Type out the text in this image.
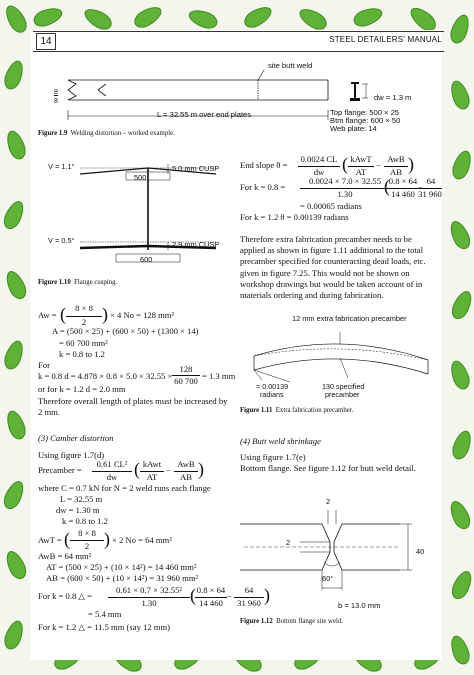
14	STEEL DETAILERS' MANUAL
site butt weld
8
8
L = 32.55 m over end plates
dw = 1.3 m
Top flange: 500 × 25
Btm flange: 600 × 50
Web plate: 14
Figure 1.9 Welding distortion – worked example.
V = 1.1°
500
5.0 mm CUSP
V = 0.5°
600
2.9 mm CUSP
Figure 1.10 Flange cusping.
Aw = (	8 × 8
2 ) × 4 No = 128 mm²
A = (500 × 25) + (600 × 50) + (1300 × 14)
= 60 700 mm²
k = 0.8 to 1.2
For
k = 0.8 d = 4.878 × 0.8 × 5.0 × 32.55 ×
128
60 700 = 1.3 mm
or for k = 1.2 d = 2.0 mm
Therefore overall length of plates must be increased by 2 mm.
(3) Camber distortion
Using figure 1.7(d)
Precamber =
0.61 CL²
dw ( kAwt
AT
−
AwB
AB )
where C = 0.7 kN for N = 2 weld runs each flange
L = 32.55 m
dw = 1.30 m
k = 0.8 to 1.2
AwT = ( 8 × 8
2 ) × 2 No = 64 mm²
AwB = 64 mm²
AT = (500 × 25) + (10 × 14²) = 14 460 mm²
AB = (600 × 50) + (10 × 14²) = 31 960 mm²
For k = 0.8 △ =
0.61 × 0.7 × 32.55²
1.30	( 0.8 × 64
14 460
−
64
31 960 )
= 5.4 mm
For k = 1.2 △ = 11.5 mm (say 12 mm)
End slope θ =
0.0024 CL
dw ( kAwT
AT
−
AwB
AB )
For k = 0.8 =
0.0024 × 7.0 × 32.55
1.30	(
0.8 × 64
14 460
−
64
31 960
= 0.00065 radians
For k = 1.2 θ = 0.00139 radians
Therefore extra fabrication precamber needs to be applied as shown in figure 1.11 additional to the total precamber specified for counteracting dead loads, etc. given in figure 7.25. This would not be shown on workshop drawings but would be taken account of in materials ordering and during fabrication.
12 mm extra fabrication precamber
= 0.00139
radians
130 specified
precamber
Figure 1.11 Extra fabrication precamber.
(4) Butt weld shrinkage
Using figure 1.7(e)
Bottom flange. See figure 1.12 for butt weld detail.
2
2
40
60°
b = 13.0 mm
Figure 1.12 Bottom flange site weld.
